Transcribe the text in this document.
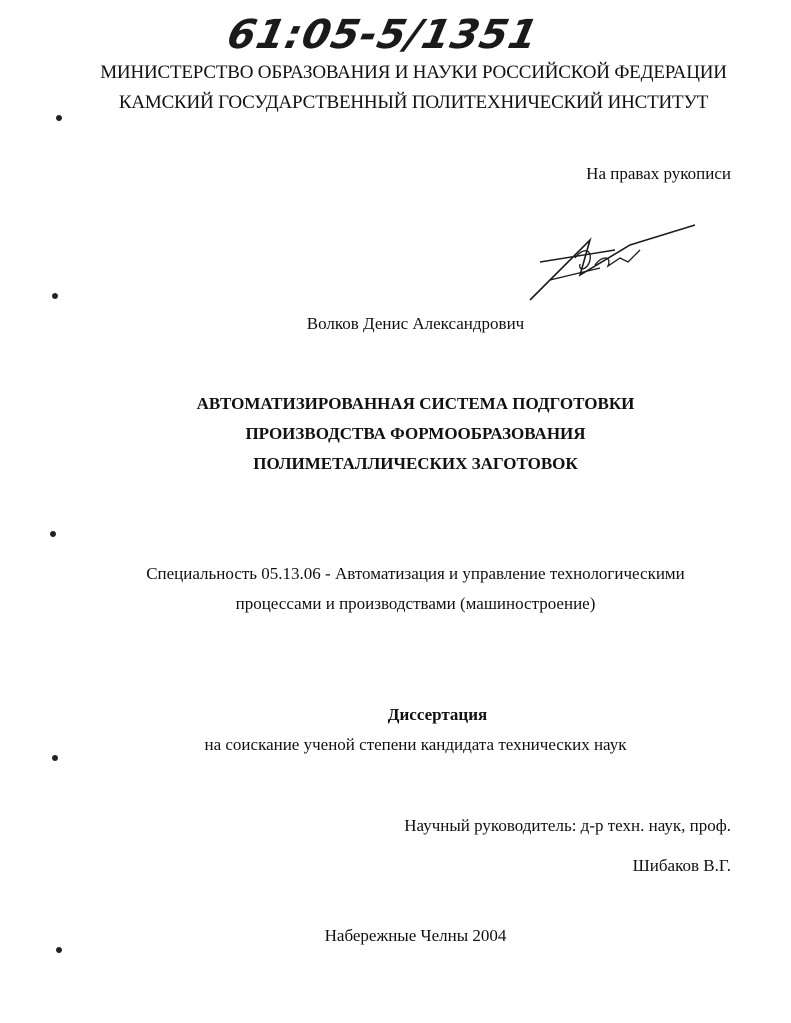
61:05-5/1351
МИНИСТЕРСТВО ОБРАЗОВАНИЯ И НАУКИ РОССИЙСКОЙ ФЕДЕРАЦИИ
КАМСКИЙ ГОСУДАРСТВЕННЫЙ ПОЛИТЕХНИЧЕСКИЙ ИНСТИТУТ
На правах рукописи
Волков Денис Александрович
АВТОМАТИЗИРОВАННАЯ СИСТЕМА ПОДГОТОВКИ
ПРОИЗВОДСТВА ФОРМООБРАЗОВАНИЯ
ПОЛИМЕТАЛЛИЧЕСКИХ ЗАГОТОВОК
Специальность 05.13.06 - Автоматизация и управление технологическими
процессами и производствами (машиностроение)
Диссертация
на соискание ученой степени кандидата технических наук
Научный руководитель: д-р техн. наук, проф.
Шибаков В.Г.
Набережные Челны 2004
